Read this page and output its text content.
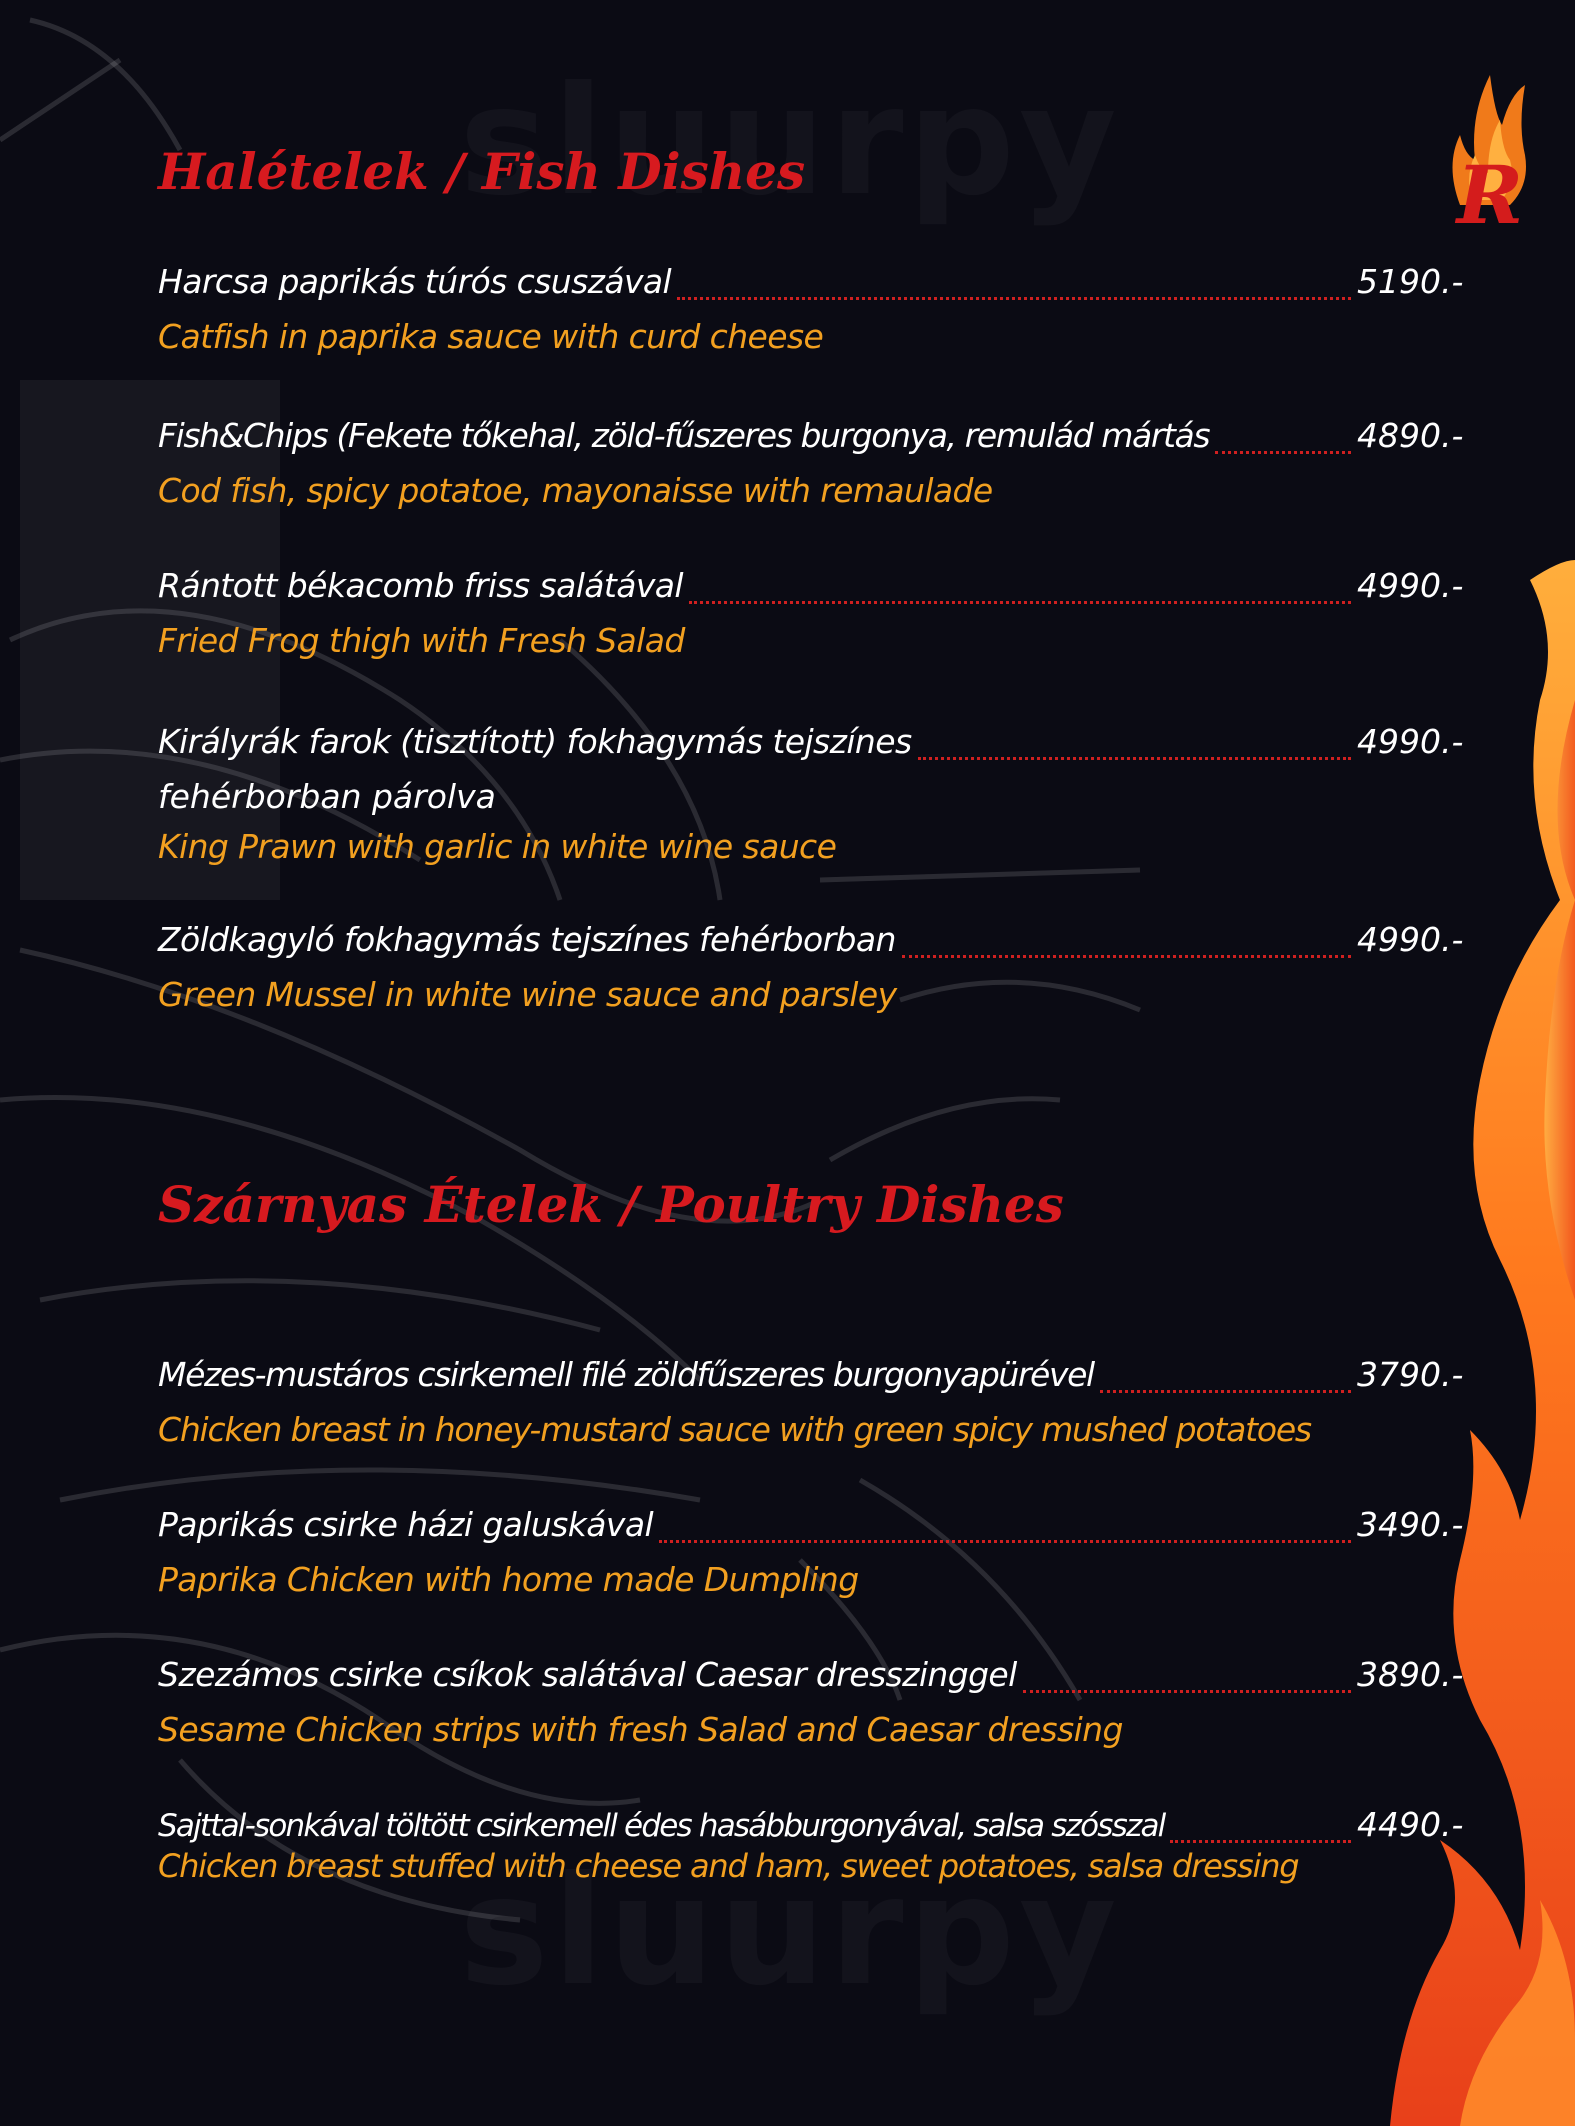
R
Halételek / Fish Dishes
Harcsa paprikás túrós csuszával	5190.-
Catfish in paprika sauce with curd cheese
Fish&Chips (Fekete tőkehal, zöld-fűszeres burgonya, remulád mártás	4890.-
Cod fish, spicy potatoe, mayonaisse with remaulade
Rántott békacomb friss salátával	4990.-
Fried Frog thigh with Fresh Salad
Királyrák farok (tisztított) fokhagymás tejszínes	4990.-
fehérborban párolva
King Prawn with garlic in white wine sauce
Zöldkagyló fokhagymás tejszínes fehérborban	4990.-
Green Mussel in white wine sauce and parsley
Szárnyas Ételek / Poultry Dishes
Mézes-mustáros csirkemell filé zöldfűszeres burgonyapürével	3790.-
Chicken breast in honey-mustard sauce with green spicy mushed potatoes
Paprikás csirke házi galuskával	3490.-
Paprika Chicken with home made Dumpling
Szezámos csirke csíkok salátával Caesar dresszinggel	3890.-
Sesame Chicken strips with fresh Salad and Caesar dressing
Sajttal-sonkával töltött csirkemell édes hasábburgonyával, salsa szósszal	4490.-
Chicken breast stuffed with cheese and ham, sweet potatoes, salsa dressing
